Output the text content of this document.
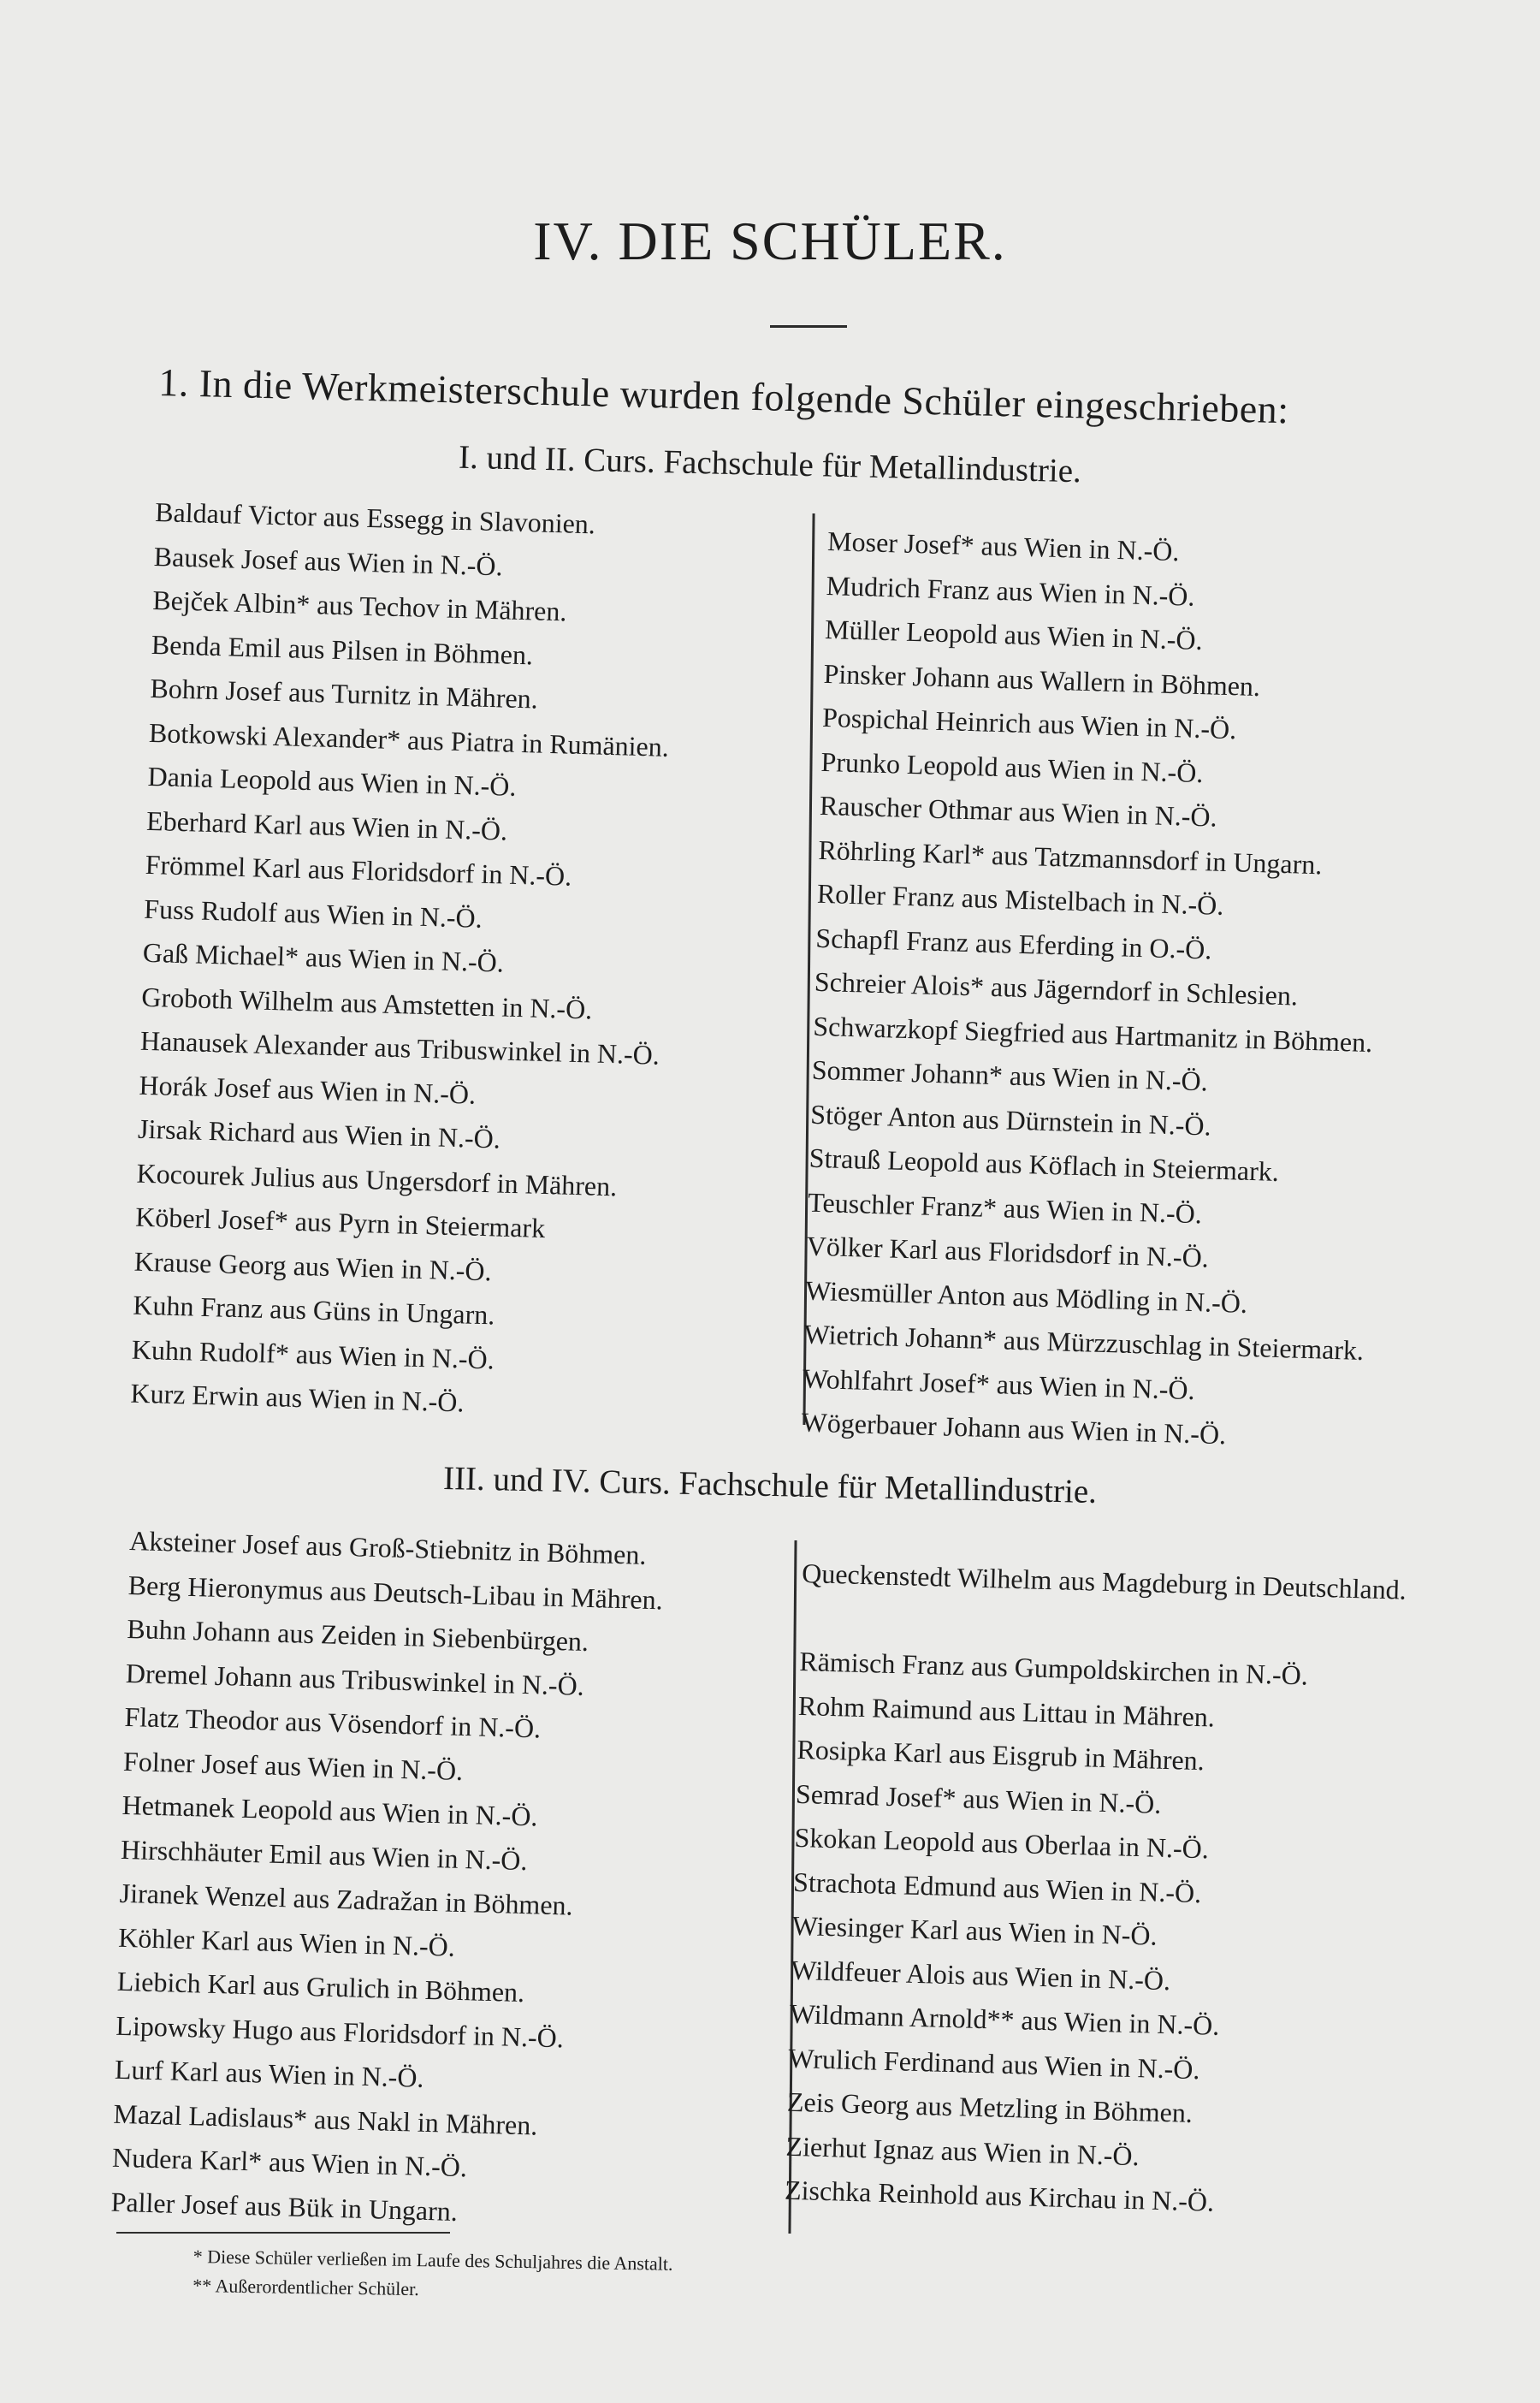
IV. DIE SCHÜLER.
1. In die Werkmeisterschule wurden folgende Schüler eingeschrieben:
I. und II. Curs. Fachschule für Metallindustrie.
Baldauf Victor aus Essegg in Slavonien.
Bausek Josef aus Wien in N.-Ö.
Bejček Albin* aus Techov in Mähren.
Benda Emil aus Pilsen in Böhmen.
Bohrn Josef aus Turnitz in Mähren.
Botkowski Alexander* aus Piatra in Rumänien.
Dania Leopold aus Wien in N.-Ö.
Eberhard Karl aus Wien in N.-Ö.
Frömmel Karl aus Floridsdorf in N.-Ö.
Fuss Rudolf aus Wien in N.-Ö.
Gaß Michael* aus Wien in N.-Ö.
Groboth Wilhelm aus Amstetten in N.-Ö.
Hanausek Alexander aus Tribuswinkel in N.-Ö.
Horák Josef aus Wien in N.-Ö.
Jirsak Richard aus Wien in N.-Ö.
Kocourek Julius aus Ungersdorf in Mähren.
Köberl Josef* aus Pyrn in Steiermark
Krause Georg aus Wien in N.-Ö.
Kuhn Franz aus Güns in Ungarn.
Kuhn Rudolf* aus Wien in N.-Ö.
Kurz Erwin aus Wien in N.-Ö.
Moser Josef* aus Wien in N.-Ö.
Mudrich Franz aus Wien in N.-Ö.
Müller Leopold aus Wien in N.-Ö.
Pinsker Johann aus Wallern in Böhmen.
Pospichal Heinrich aus Wien in N.-Ö.
Prunko Leopold aus Wien in N.-Ö.
Rauscher Othmar aus Wien in N.-Ö.
Röhrling Karl* aus Tatzmannsdorf in Ungarn.
Roller Franz aus Mistelbach in N.-Ö.
Schapfl Franz aus Eferding in O.-Ö.
Schreier Alois* aus Jägerndorf in Schlesien.
Schwarzkopf Siegfried aus Hartmanitz in Böhmen.
Sommer Johann* aus Wien in N.-Ö.
Stöger Anton aus Dürnstein in N.-Ö.
Strauß Leopold aus Köflach in Steiermark.
Teuschler Franz* aus Wien in N.-Ö.
Völker Karl aus Floridsdorf in N.-Ö.
Wiesmüller Anton aus Mödling in N.-Ö.
Wietrich Johann* aus Mürzzuschlag in Steiermark.
Wohlfahrt Josef* aus Wien in N.-Ö.
Wögerbauer Johann aus Wien in N.-Ö.
III. und IV. Curs. Fachschule für Metallindustrie.
Aksteiner Josef aus Groß-Stiebnitz in Böhmen.
Berg Hieronymus aus Deutsch-Libau in Mähren.
Buhn Johann aus Zeiden in Siebenbürgen.
Dremel Johann aus Tribuswinkel in N.-Ö.
Flatz Theodor aus Vösendorf in N.-Ö.
Folner Josef aus Wien in N.-Ö.
Hetmanek Leopold aus Wien in N.-Ö.
Hirschhäuter Emil aus Wien in N.-Ö.
Jiranek Wenzel aus Zadražan in Böhmen.
Köhler Karl aus Wien in N.-Ö.
Liebich Karl aus Grulich in Böhmen.
Lipowsky Hugo aus Floridsdorf in N.-Ö.
Lurf Karl aus Wien in N.-Ö.
Mazal Ladislaus* aus Nakl in Mähren.
Nudera Karl* aus Wien in N.-Ö.
Paller Josef aus Bük in Ungarn.
Queckenstedt Wilhelm aus Magdeburg in Deutschland.
Rämisch Franz aus Gumpoldskirchen in N.-Ö.
Rohm Raimund aus Littau in Mähren.
Rosipka Karl aus Eisgrub in Mähren.
Semrad Josef* aus Wien in N.-Ö.
Skokan Leopold aus Oberlaa in N.-Ö.
Strachota Edmund aus Wien in N.-Ö.
Wiesinger Karl aus Wien in N-Ö.
Wildfeuer Alois aus Wien in N.-Ö.
Wildmann Arnold** aus Wien in N.-Ö.
Wrulich Ferdinand aus Wien in N.-Ö.
Zeis Georg aus Metzling in Böhmen.
Zierhut Ignaz aus Wien in N.-Ö.
Zischka Reinhold aus Kirchau in N.-Ö.
* Diese Schüler verließen im Laufe des Schuljahres die Anstalt.
** Außerordentlicher Schüler.
